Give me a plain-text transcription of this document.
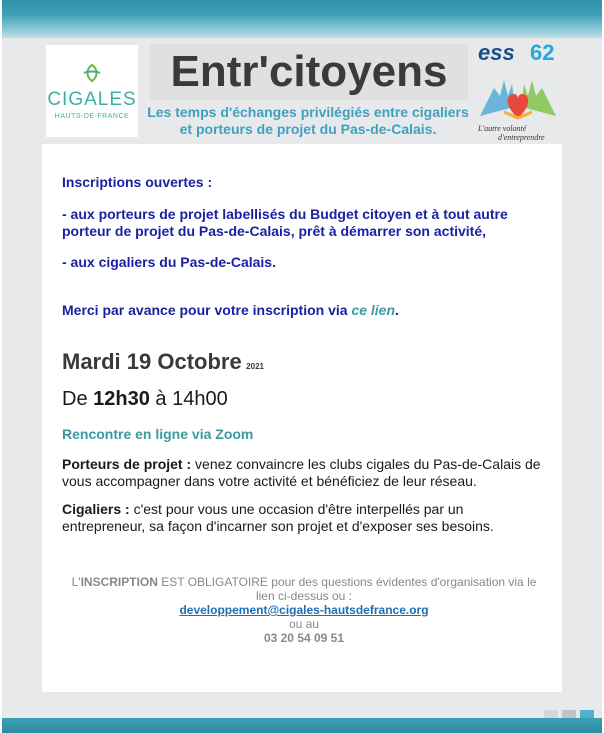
CIGALES
HAUTS-DE-FRANCE
Entr'citoyens
Les temps d'échanges privilégiés entre cigaliers
et porteurs de projet du Pas-de-Calais.
ess 62
L'autre volonté
d'entreprendre
Inscriptions ouvertes :
- aux porteurs de projet labellisés du Budget citoyen et à tout autre porteur de projet du Pas-de-Calais, prêt à démarrer son activité,
- aux cigaliers du Pas-de-Calais.
Merci par avance pour votre inscription via ce lien.
Mardi 19 Octobre 2021
De 12h30 à 14h00
Rencontre en ligne via Zoom
Porteurs de projet : venez convaincre les clubs cigales du Pas-de-Calais de vous accompagner dans votre activité et bénéficiez de leur réseau.
Cigaliers : c'est pour vous une occasion d'être interpellés par un entrepreneur, sa façon d'incarner son projet et d'exposer ses besoins.
L'INSCRIPTION EST OBLIGATOIRE pour des questions évidentes d'organisation via le lien ci-dessus ou :
developpement@cigales-hautsdefrance.org
ou au
03 20 54 09 51
